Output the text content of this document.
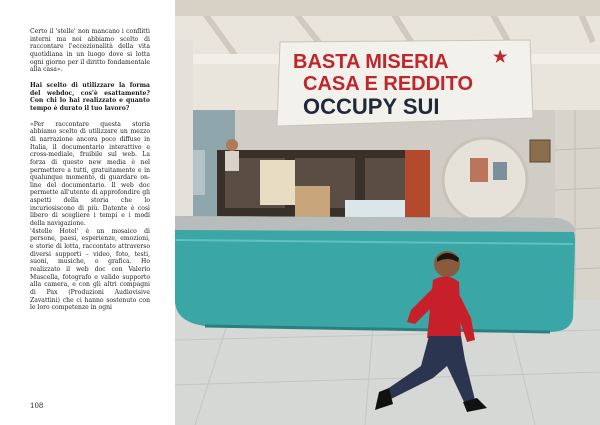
Certo il 'stelle' non mancano i conflitti interni ma noi abbiamo scelto di raccontare l'eccezionalità della vita quotidiana in un luogo dove si lotta ogni giorno per il diritto fondamentale alla casa».

Hai scelto di utilizzare la forma del webdoc, cos'è esattamente? Con chi lo hai realizzato e quanto tempo è durato il tuo lavoro?

«Per raccontare questa storia abbiamo scelto di utilizzare un mezzo di narrazione ancora poco diffuso in Italia, il documentario interattivo e cross-mediale, fruibile sul web. La forza di questo new media è nel permettere a tutti, gratuitamente e in qualunque momento, di guardare on-line del documentario. Il web doc permette all'utente di approfondire gli aspetti della storia che lo incuriosiscono di più. Datente è così libero di scegliere i tempi e i modi della navigazione.

'4stelle Hotel' è un mosaico di persone, paesi, esperienze, emozioni, e storie di lotta, raccontato attraverso diversi supporti – video, foto, testi, suoni, musiche, e grafica. Ho realizzato il web doc con Valerio Muscella, fotografo e valido supporto alla camera, e con gli altri compagni di Pax (Produzioni Audiovisive Zavattini) che ci hanno sostenuto con le loro competenze in ogni

108
BASTA MISERIA
CASA E REDDITO
OCCUPY SUI
★
